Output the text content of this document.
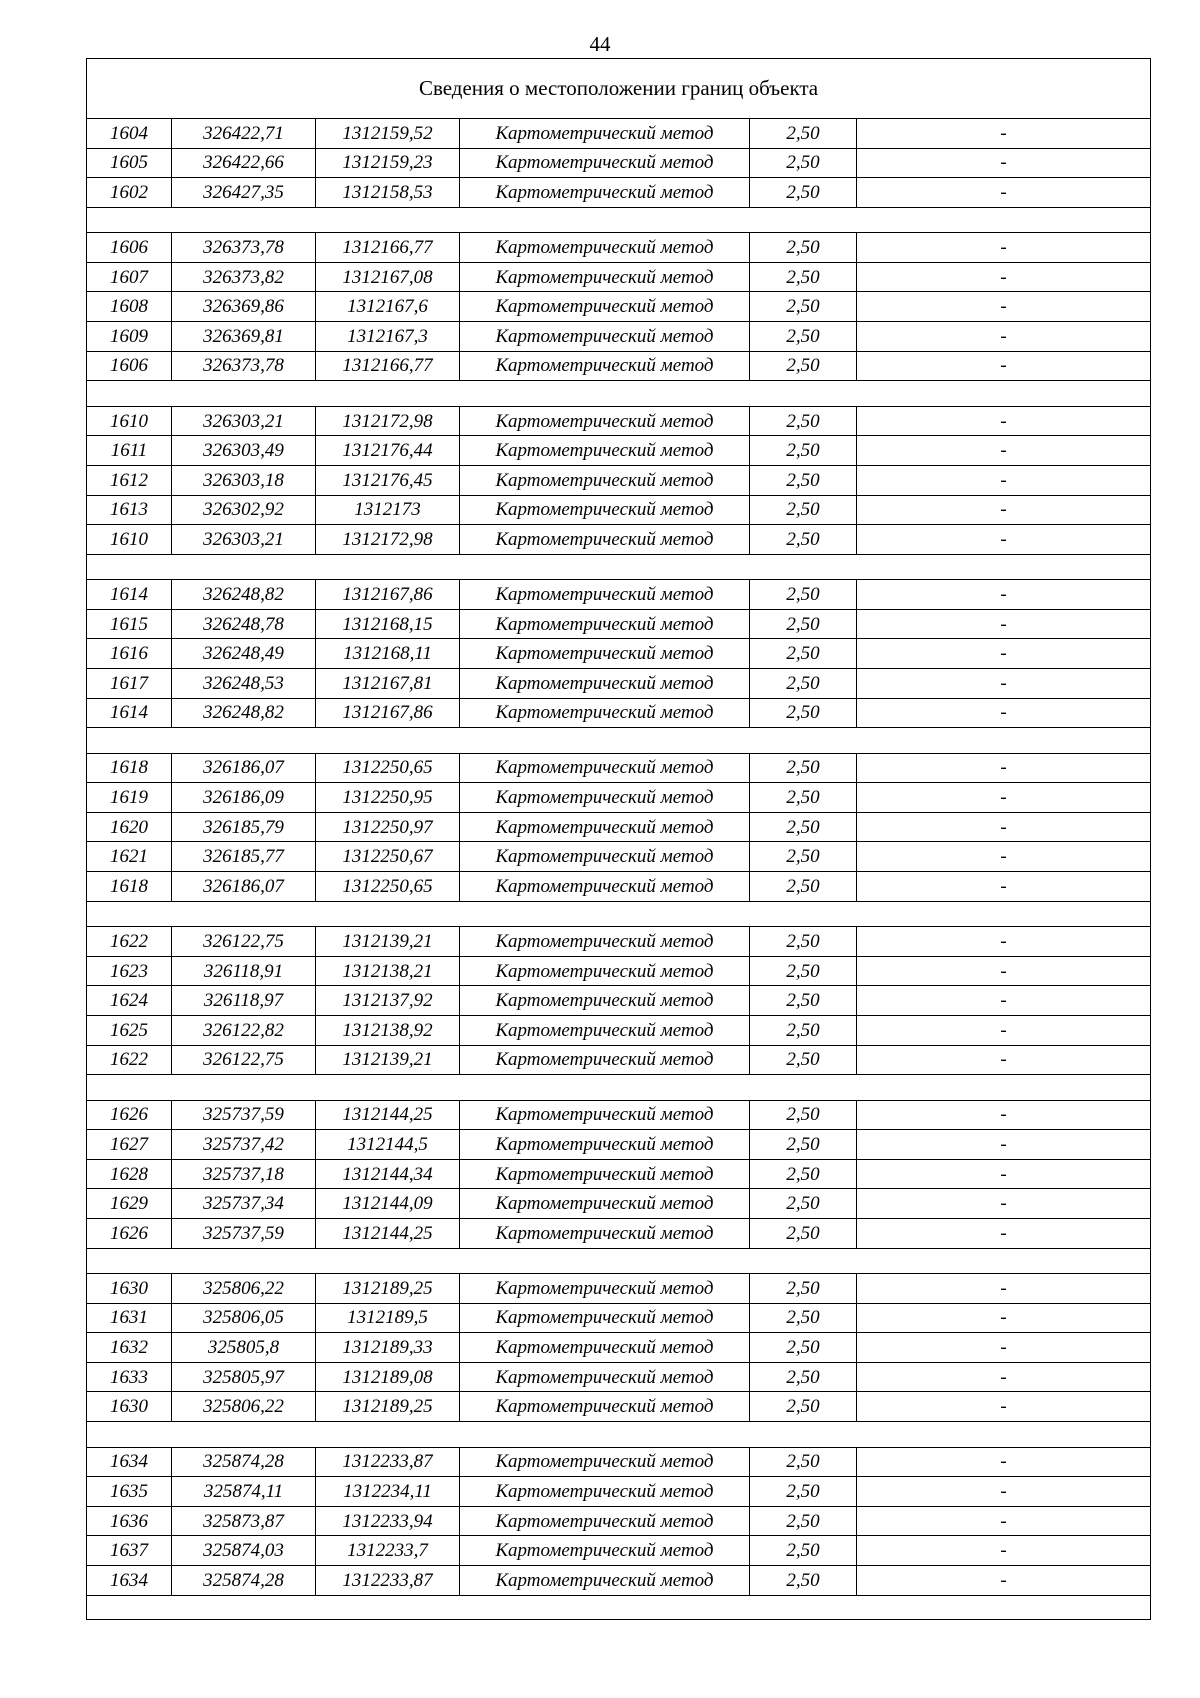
44
Сведения о местоположении границ объекта					
1604	326422,71	1312159,52	Картометрический метод	2,50	-
1605	326422,66	1312159,23	Картометрический метод	2,50	-
1602	326427,35	1312158,53	Картометрический метод	2,50	-

1606	326373,78	1312166,77	Картометрический метод	2,50	-
1607	326373,82	1312167,08	Картометрический метод	2,50	-
1608	326369,86	1312167,6	Картометрический метод	2,50	-
1609	326369,81	1312167,3	Картометрический метод	2,50	-
1606	326373,78	1312166,77	Картометрический метод	2,50	-

1610	326303,21	1312172,98	Картометрический метод	2,50	-
1611	326303,49	1312176,44	Картометрический метод	2,50	-
1612	326303,18	1312176,45	Картометрический метод	2,50	-
1613	326302,92	1312173	Картометрический метод	2,50	-
1610	326303,21	1312172,98	Картометрический метод	2,50	-

1614	326248,82	1312167,86	Картометрический метод	2,50	-
1615	326248,78	1312168,15	Картометрический метод	2,50	-
1616	326248,49	1312168,11	Картометрический метод	2,50	-
1617	326248,53	1312167,81	Картометрический метод	2,50	-
1614	326248,82	1312167,86	Картометрический метод	2,50	-

1618	326186,07	1312250,65	Картометрический метод	2,50	-
1619	326186,09	1312250,95	Картометрический метод	2,50	-
1620	326185,79	1312250,97	Картометрический метод	2,50	-
1621	326185,77	1312250,67	Картометрический метод	2,50	-
1618	326186,07	1312250,65	Картометрический метод	2,50	-

1622	326122,75	1312139,21	Картометрический метод	2,50	-
1623	326118,91	1312138,21	Картометрический метод	2,50	-
1624	326118,97	1312137,92	Картометрический метод	2,50	-
1625	326122,82	1312138,92	Картометрический метод	2,50	-
1622	326122,75	1312139,21	Картометрический метод	2,50	-

1626	325737,59	1312144,25	Картометрический метод	2,50	-
1627	325737,42	1312144,5	Картометрический метод	2,50	-
1628	325737,18	1312144,34	Картометрический метод	2,50	-
1629	325737,34	1312144,09	Картометрический метод	2,50	-
1626	325737,59	1312144,25	Картометрический метод	2,50	-

1630	325806,22	1312189,25	Картометрический метод	2,50	-
1631	325806,05	1312189,5	Картометрический метод	2,50	-
1632	325805,8	1312189,33	Картометрический метод	2,50	-
1633	325805,97	1312189,08	Картометрический метод	2,50	-
1630	325806,22	1312189,25	Картометрический метод	2,50	-

1634	325874,28	1312233,87	Картометрический метод	2,50	-
1635	325874,11	1312234,11	Картометрический метод	2,50	-
1636	325873,87	1312233,94	Картометрический метод	2,50	-
1637	325874,03	1312233,7	Картометрический метод	2,50	-
1634	325874,28	1312233,87	Картометрический метод	2,50	-
